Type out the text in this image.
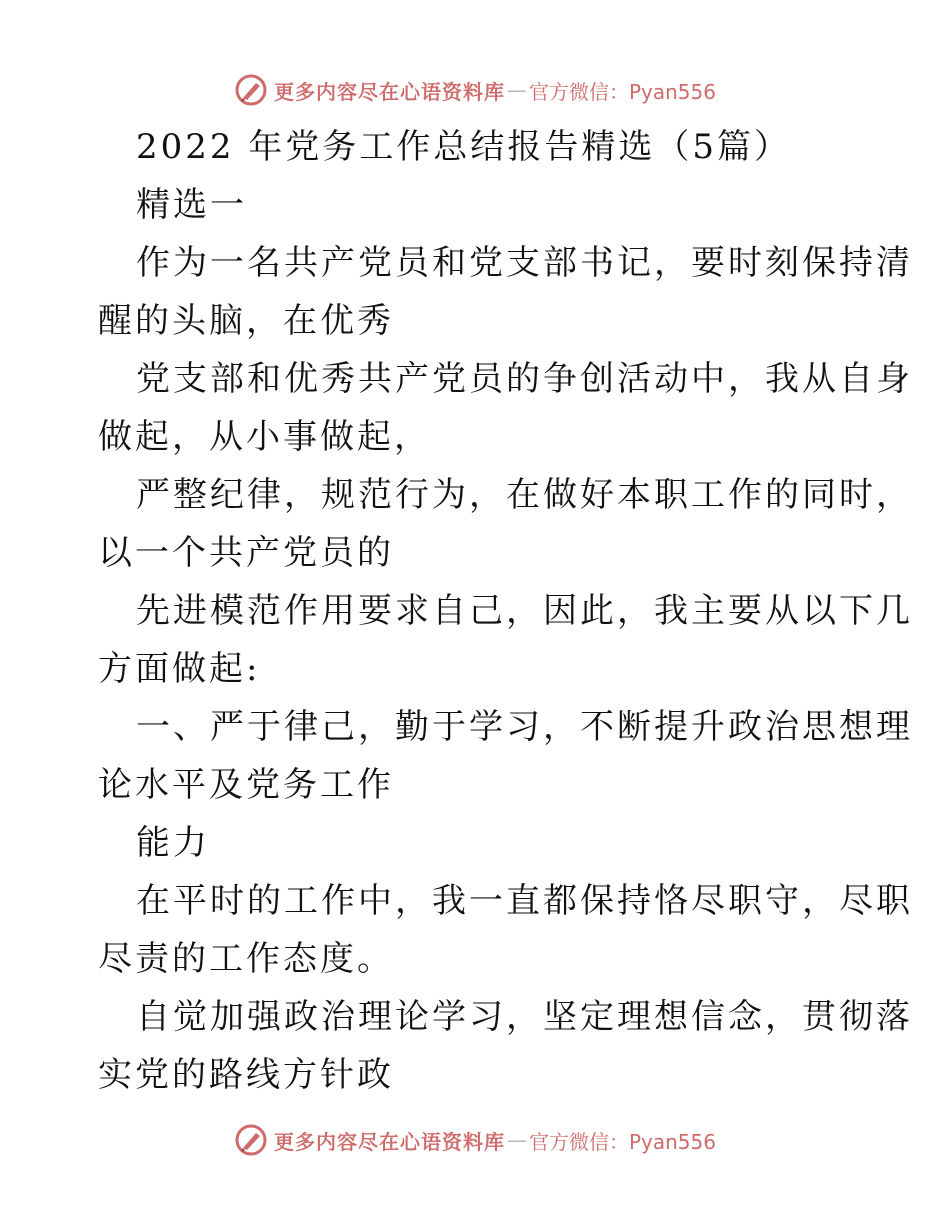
更多内容尽在心语资料库 — 官方微信：Pyan556
2022 年党务工作总结报告精选（5篇）
精选一
作为一名共产党员和党支部书记，要时刻保持清
醒的头脑，在优秀
党支部和优秀共产党员的争创活动中，我从自身
做起，从小事做起，
严整纪律，规范行为，在做好本职工作的同时，
以一个共产党员的
先进模范作用要求自己，因此，我主要从以下几
方面做起:
一、严于律己，勤于学习，不断提升政治思想理
论水平及党务工作
能力
在平时的工作中，我一直都保持恪尽职守，尽职
尽责的工作态度。
自觉加强政治理论学习，坚定理想信念，贯彻落
实党的路线方针政
更多内容尽在心语资料库 — 官方微信：Pyan556
